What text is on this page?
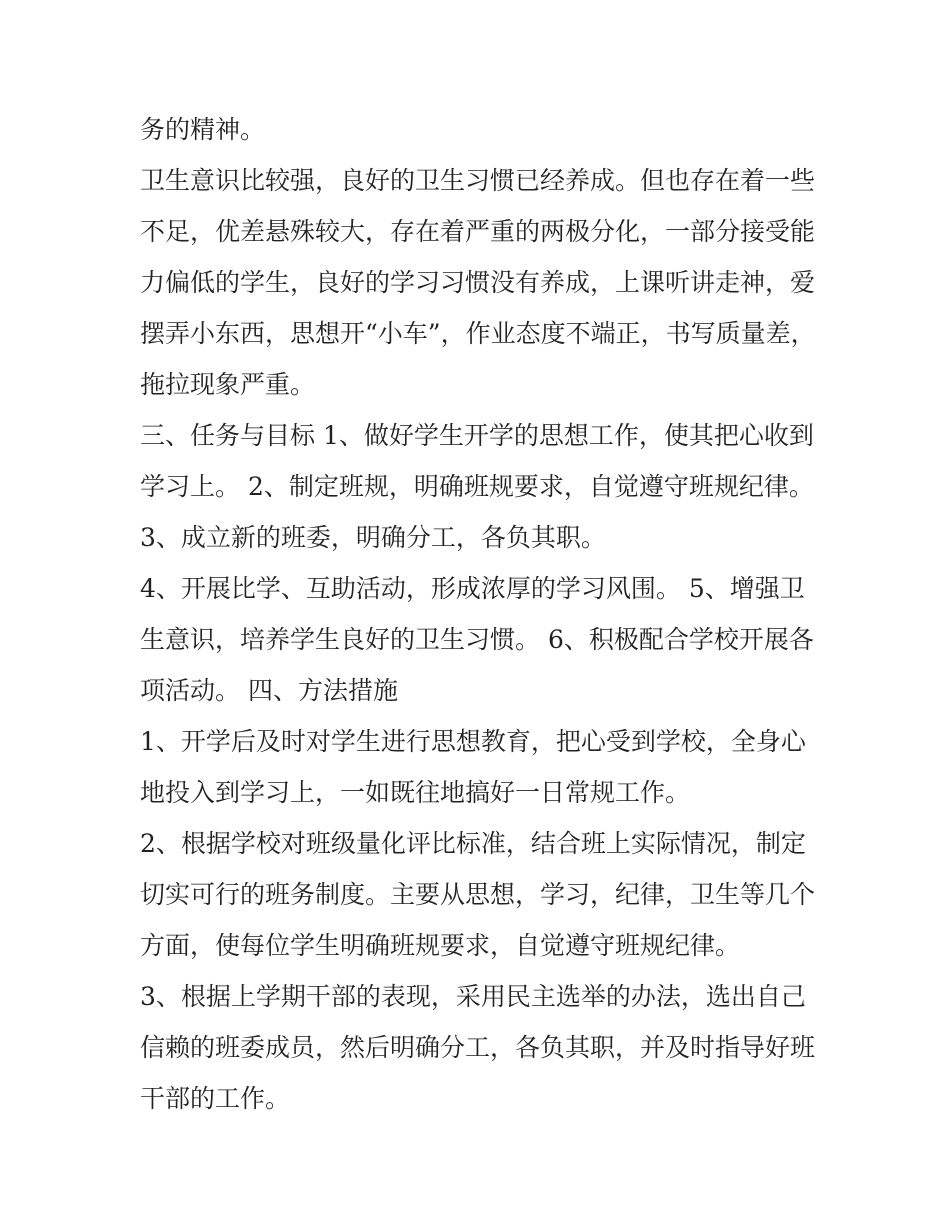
务的精神。
卫生意识比较强，良好的卫生习惯已经养成。但也存在着一些
不足，优差悬殊较大，存在着严重的两极分化，一部分接受能
力偏低的学生，良好的学习习惯没有养成，上课听讲走神，爱
摆弄小东西，思想开“小车”，作业态度不端正，书写质量差，
拖拉现象严重。
三、任务与目标 1、做好学生开学的思想工作，使其把心收到
学习上。 2、制定班规，明确班规要求，自觉遵守班规纪律。
3、成立新的班委，明确分工，各负其职。
4、开展比学、互助活动，形成浓厚的学习风围。 5、增强卫
生意识，培养学生良好的卫生习惯。 6、积极配合学校开展各
项活动。 四、方法措施
1、开学后及时对学生进行思想教育，把心受到学校，全身心
地投入到学习上，一如既往地搞好一日常规工作。
2、根据学校对班级量化评比标准，结合班上实际情况，制定
切实可行的班务制度。主要从思想，学习，纪律，卫生等几个
方面，使每位学生明确班规要求，自觉遵守班规纪律。
3、根据上学期干部的表现，采用民主选举的办法，选出自己
信赖的班委成员，然后明确分工，各负其职，并及时指导好班
干部的工作。
